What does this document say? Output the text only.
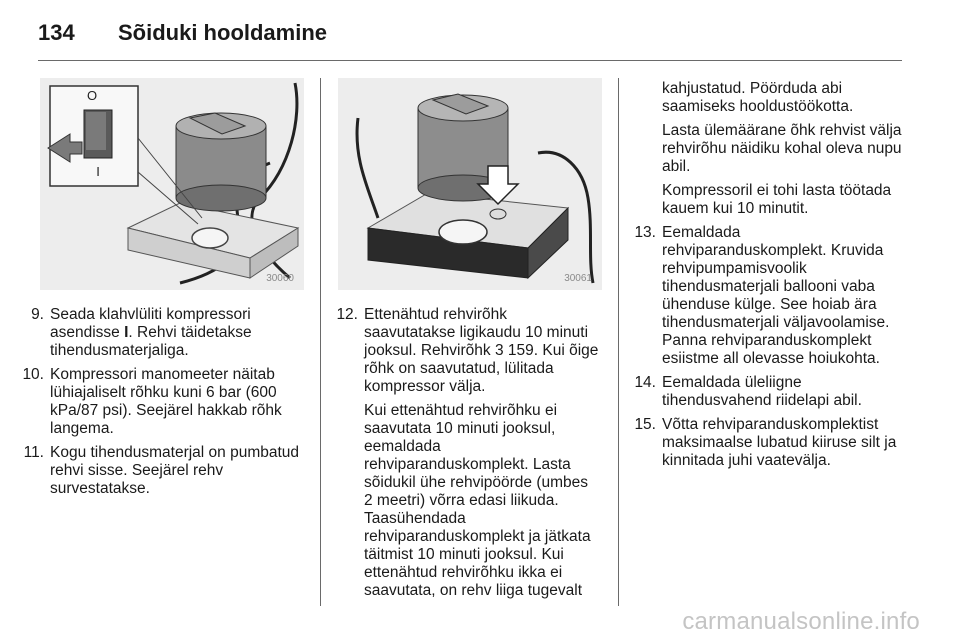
134 Sõiduki hooldamine
O
I
30060	30061
9. Seada klahvlüliti kompressori asendisse I. Rehvi täidetakse tihendusmaterjaliga.
10. Kompressori manomeeter näitab lühiajaliselt rõhku kuni 6 bar (600 kPa/87 psi). Seejärel hakkab rõhk langema.
11. Kogu tihendusmaterjal on pumbatud rehvi sisse. Seejärel rehv survestatakse.
12. Ettenähtud rehvirõhk saavutatakse ligikaudu 10 minuti jooksul. Rehvirõhk 3 159. Kui õige rõhk on saavutatud, lülitada kompressor välja.
Kui ettenähtud rehvirõhku ei saavutata 10 minuti jooksul, eemaldada rehviparanduskomplekt. Lasta sõidukil ühe rehvipöörde (umbes 2 meetri) võrra edasi liikuda. Taasühendada rehviparanduskomplekt ja jätkata täitmist 10 minuti jooksul. Kui ettenähtud rehvirõhku ikka ei saavutata, on rehv liiga tugevalt
kahjustatud. Pöörduda abi saamiseks hooldustöökotta.
Lasta ülemäärane õhk rehvist välja rehvirõhu näidiku kohal oleva nupu abil.
Kompressoril ei tohi lasta töötada kauem kui 10 minutit.
13. Eemaldada rehviparanduskomplekt. Kruvida rehvipumpamisvoolik tihendusmaterjali ballooni vaba ühenduse külge. See hoiab ära tihendusmaterjali väljavoolamise. Panna rehviparanduskomplekt esiistme all olevasse hoiukohta.
14. Eemaldada üleliigne tihendusvahend riidelapi abil.
15. Võtta rehviparanduskomplektist maksimaalse lubatud kiiruse silt ja kinnitada juhi vaatevälja.
carmanualsonline.info
